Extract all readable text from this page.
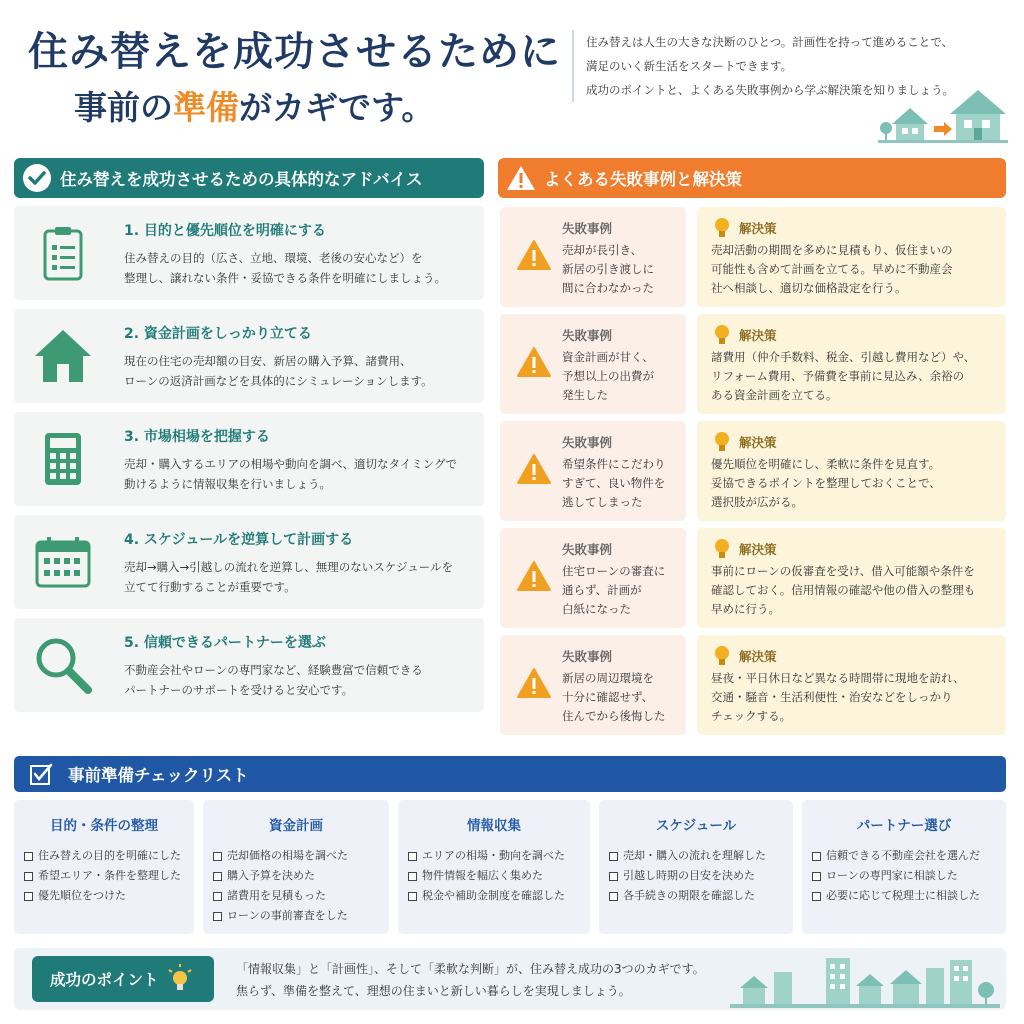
住み替えを成功させるために
事前の準備がカギです。

住み替えは人生の大きな決断のひとつ。計画性を持って進めることで、

満足のいく新生活をスタートできます。

成功のポイントと、よくある失敗事例から学ぶ解決策を知りましょう。

住み替えを成功させるための具体的なアドバイス
1. 目的と優先順位を明確にする
住み替えの目的（広さ、立地、環境、老後の安心など）を
整理し、譲れない条件・妥協できる条件を明確にしましょう。
2. 資金計画をしっかり立てる
現在の住宅の売却額の目安、新居の購入予算、諸費用、
ローンの返済計画などを具体的にシミュレーションします。
3. 市場相場を把握する
売却・購入するエリアの相場や動向を調べ、適切なタイミングで
動けるように情報収集を行いましょう。
4. スケジュールを逆算して計画する
売却→購入→引越しの流れを逆算し、無理のないスケジュールを
立てて行動することが重要です。
5. 信頼できるパートナーを選ぶ
不動産会社やローンの専門家など、経験豊富で信頼できる
パートナーのサポートを受けると安心です。
よくある失敗事例と解決策
失敗事例
売却が長引き、
新居の引き渡しに
間に合わなかった
解決策
売却活動の期間を多めに見積もり、仮住まいの
可能性も含めて計画を立てる。早めに不動産会
社へ相談し、適切な価格設定を行う。
失敗事例
資金計画が甘く、
予想以上の出費が
発生した
解決策
諸費用（仲介手数料、税金、引越し費用など）や、
リフォーム費用、予備費を事前に見込み、余裕の
ある資金計画を立てる。
失敗事例
希望条件にこだわり
すぎて、良い物件を
逃してしまった
解決策
優先順位を明確にし、柔軟に条件を見直す。
妥協できるポイントを整理しておくことで、
選択肢が広がる。
失敗事例
住宅ローンの審査に
通らず、計画が
白紙になった
解決策
事前にローンの仮審査を受け、借入可能額や条件を
確認しておく。信用情報の確認や他の借入の整理も
早めに行う。
失敗事例
新居の周辺環境を
十分に確認せず、
住んでから後悔した
解決策
昼夜・平日休日など異なる時間帯に現地を訪れ、
交通・騒音・生活利便性・治安などをしっかり
チェックする。
事前準備チェックリスト
目的・条件の整理
住み替えの目的を明確にした
希望エリア・条件を整理した
優先順位をつけた
資金計画
売却価格の相場を調べた
購入予算を決めた
諸費用を見積もった
ローンの事前審査をした
情報収集
エリアの相場・動向を調べた
物件情報を幅広く集めた
税金や補助金制度を確認した
スケジュール
売却・購入の流れを理解した
引越し時期の目安を決めた
各手続きの期限を確認した
パートナー選び
信頼できる不動産会社を選んだ
ローンの専門家に相談した
必要に応じて税理士に相談した
成功のポイント
「情報収集」と「計画性」、そして「柔軟な判断」が、住み替え成功の3つのカギです。
焦らず、準備を整えて、理想の住まいと新しい暮らしを実現しましょう。
